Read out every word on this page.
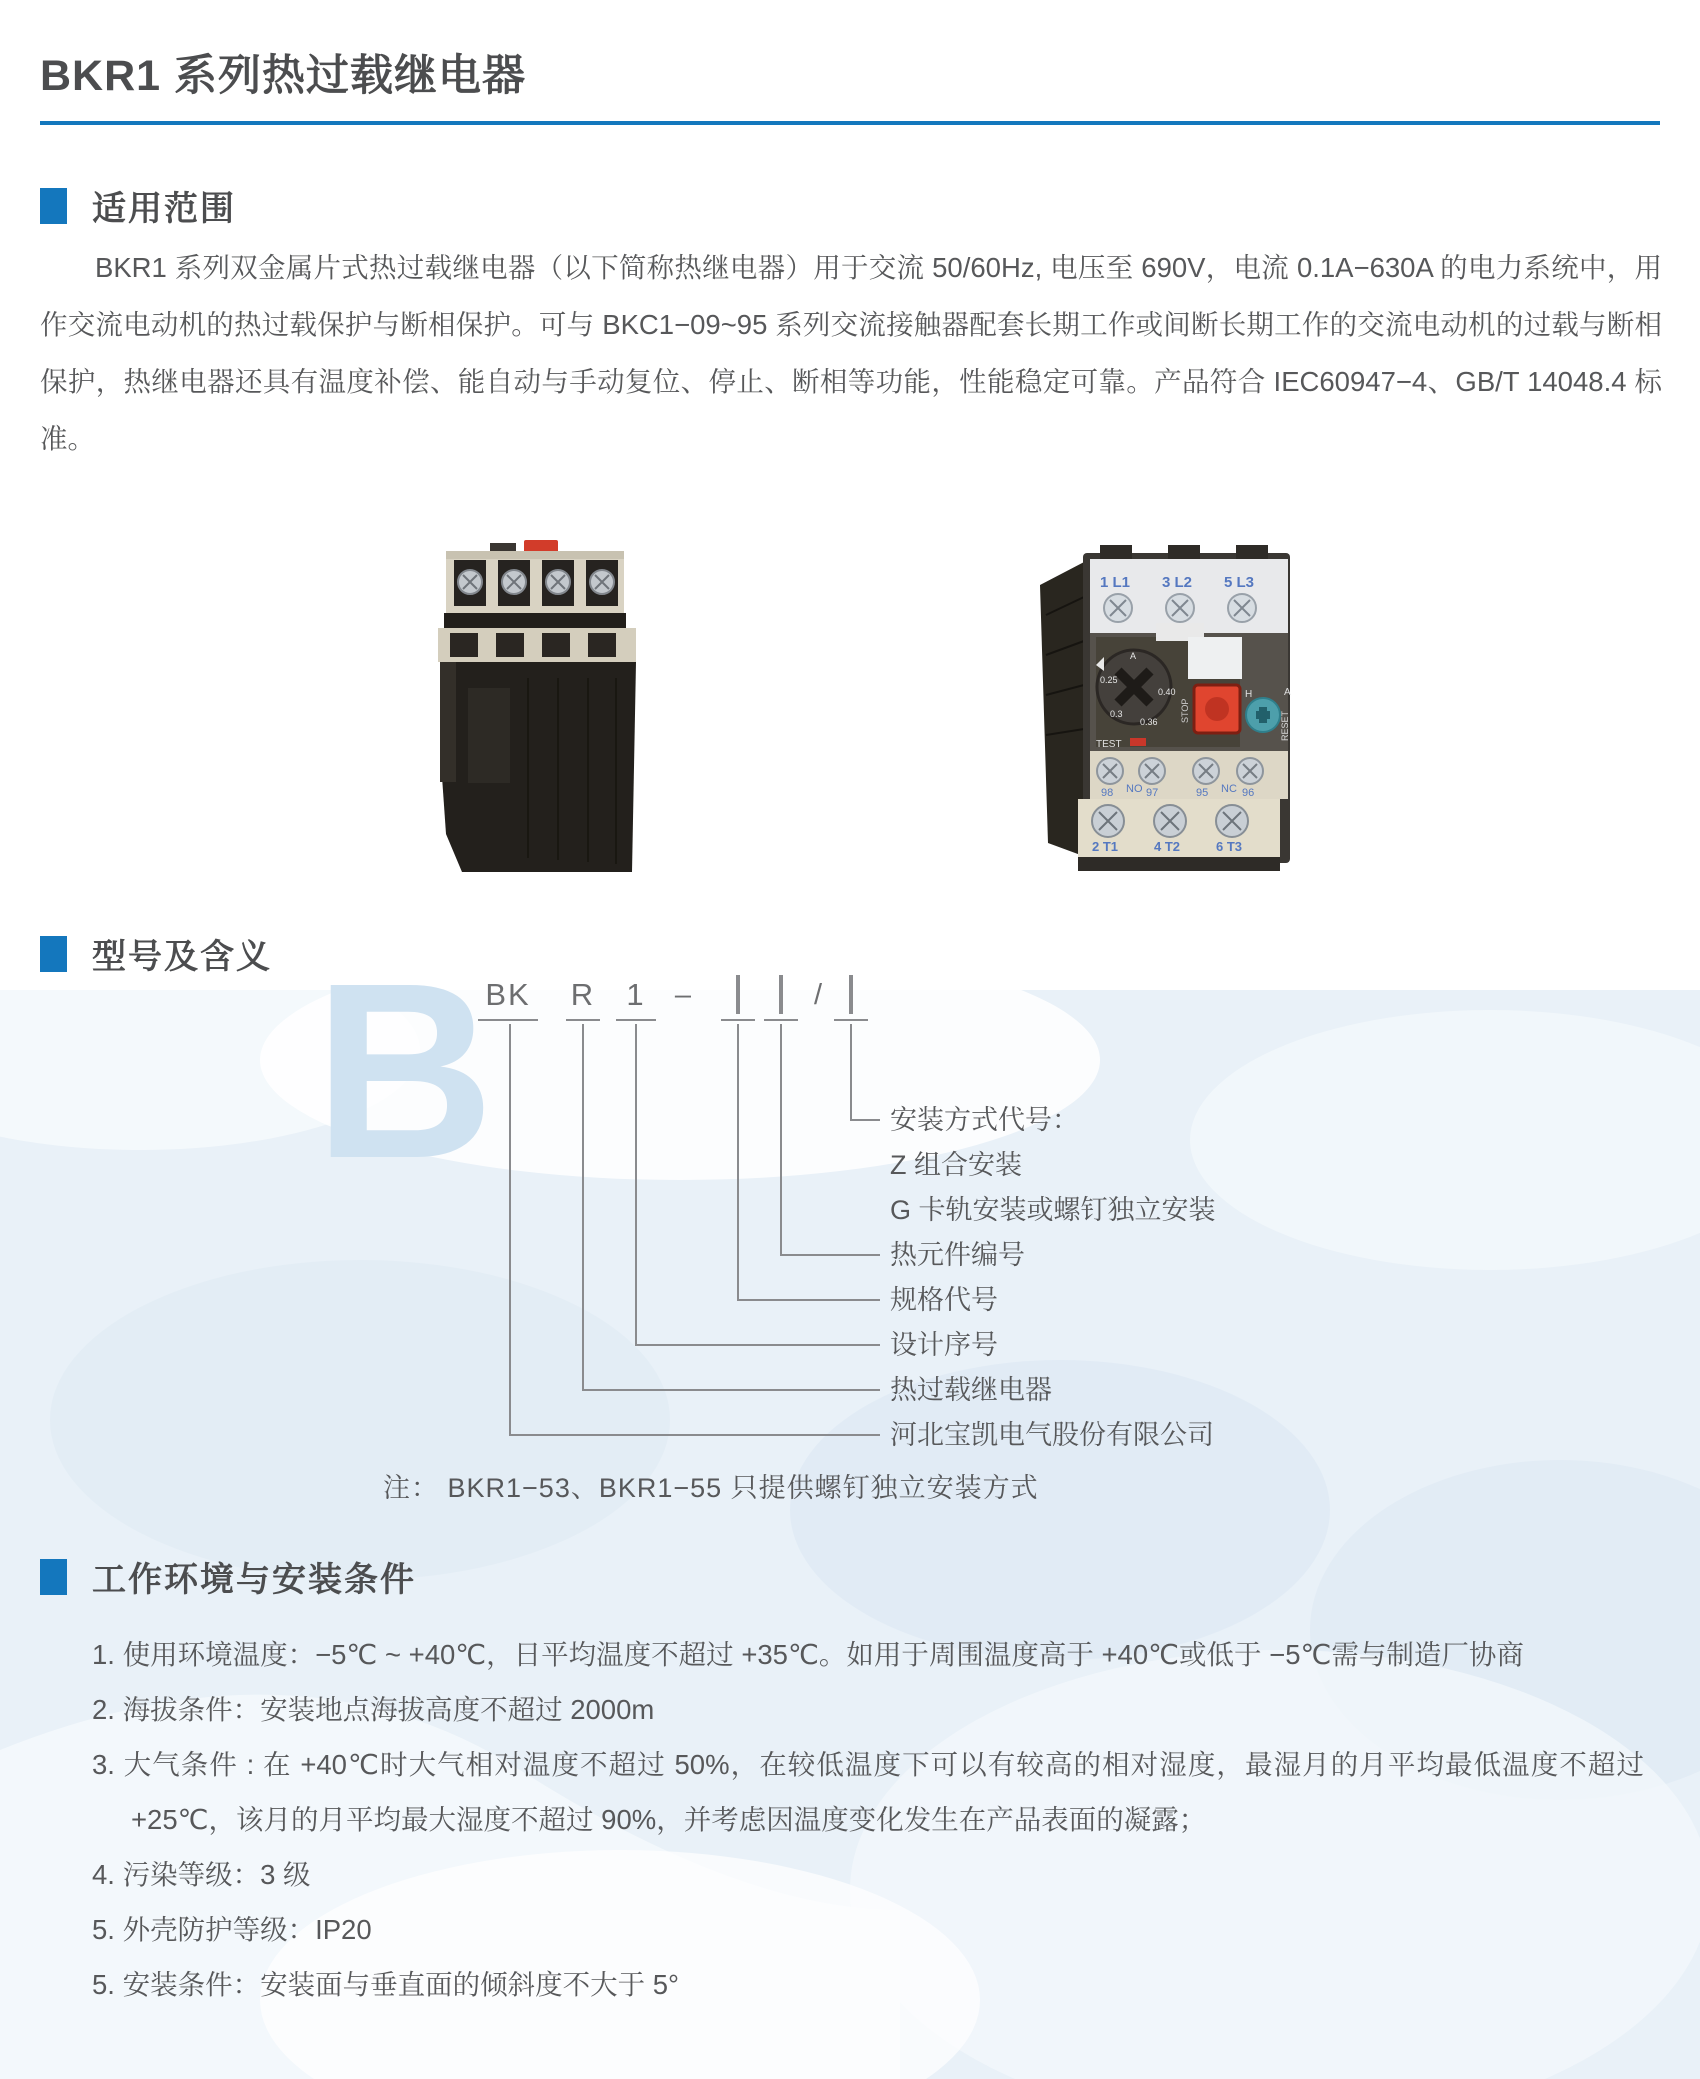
B
BKR1 系列热过载继电器
适用范围

BKR1 系列双金属片式热过载继电器（以下简称热继电器）用于交流 50/60Hz, 电压至 690V，电流 0.1A−630A 的电力系统中，用作交流电动机的热过载保护与断相保护。可与 BKC1−09~95 系列交流接触器配套长期工作或间断长期工作的交流电动机的过载与断相保护，热继电器还具有温度补偿、能自动与手动复位、停止、断相等功能，性能稳定可靠。产品符合 IEC60947−4、GB/T 14048.4 标准。

1 L1 3 L2 5 L3
A
0.25
0.3
0.36
0.40
STOP
H	A
RESET
TEST
98 NO 97	95 NC 96
2 T1	4 T2	6 T3
型号及含义
BK R	1	–	/
安装方式代号：
Z 组合安装
G 卡轨安装或螺钉独立安装
热元件编号
规格代号
设计序号
热过载继电器
河北宝凯电气股份有限公司
注： BKR1−53、BKR1−55 只提供螺钉独立安装方式
工作环境与安装条件
1. 使用环境温度：−5℃ ~ +40℃，日平均温度不超过 +35℃。如用于周围温度高于 +40℃或低于 −5℃需与制造厂协商
2. 海拔条件：安装地点海拔高度不超过 2000m
3. 大气条件 : 在 +40℃时大气相对温度不超过 50%，在较低温度下可以有较高的相对湿度，最湿月的月平均最低温度不超过 +25℃，该月的月平均最大湿度不超过 90%，并考虑因温度变化发生在产品表面的凝露；
4. 污染等级：3 级
5. 外壳防护等级：IP20
5. 安装条件：安装面与垂直面的倾斜度不大于 5°
